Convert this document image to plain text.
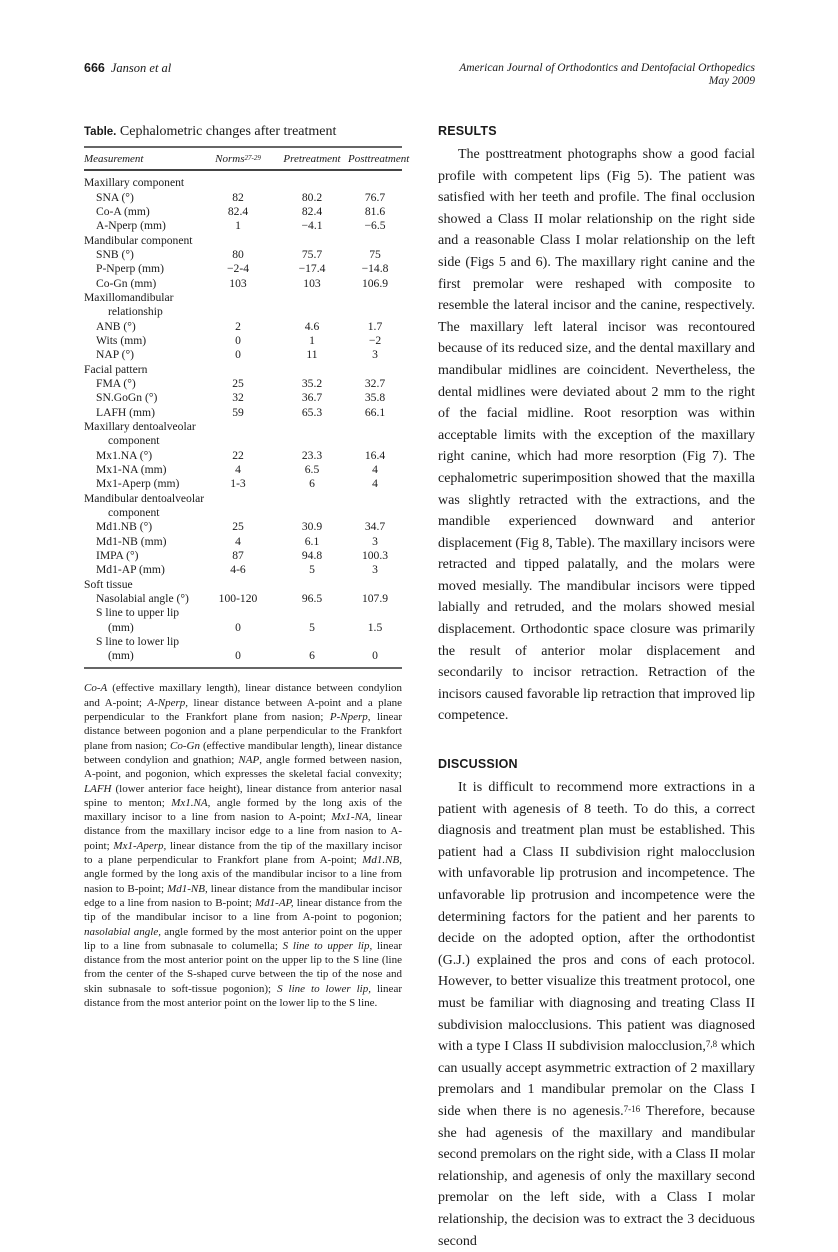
666 Janson et al	American Journal of Orthodontics and Dentofacial Orthopedics
May 2009
Table. Cephalometric changes after treatment
Measurement	Norms$^{27-29}$	Pretreatment	Posttreatment
Maxillary component			
SNA (°)	82	80.2	76.7
Co-A (mm)	82.4	82.4	81.6
A-Nperp (mm)	1	−4.1	−6.5
Mandibular component			
SNB (°)	80	75.7	75
P-Nperp (mm)	−2-4	−17.4	−14.8
Co-Gn (mm)	103	103	106.9
Maxillomandibular			
relationship			
ANB (°)	2	4.6	1.7
Wits (mm)	0	1	−2
NAP (°)	0	11	3
Facial pattern			
FMA (°)	25	35.2	32.7
SN.GoGn (°)	32	36.7	35.8
LAFH (mm)	59	65.3	66.1
Maxillary dentoalveolar			
component			
Mx1.NA (°)	22	23.3	16.4
Mx1-NA (mm)	4	6.5	4
Mx1-Aperp (mm)	1-3	6	4
Mandibular dentoalveolar			
component			
Md1.NB (°)	25	30.9	34.7
Md1-NB (mm)	4	6.1	3
IMPA (°)	87	94.8	100.3
Md1-AP (mm)	4-6	5	3
Soft tissue			
Nasolabial angle (°)	100-120	96.5	107.9
S line to upper lip			
(mm)	0	5	1.5
S line to lower lip			
(mm)	0	6	0
Co-A (effective maxillary length), linear distance between condylion and A-point; A-Nperp, linear distance between A-point and a plane perpendicular to the Frankfort plane from nasion; P-Nperp, linear distance between pogonion and a plane perpendicular to the Frankfort plane from nasion; Co-Gn (effective mandibular length), linear distance between condylion and gnathion; NAP, angle formed between nasion, A-point, and pogonion, which expresses the skeletal facial convexity; LAFH (lower anterior face height), linear distance from anterior nasal spine to menton; Mx1.NA, angle formed by the long axis of the maxillary incisor to a line from nasion to A-point; Mx1-NA, linear distance from the maxillary incisor edge to a line from nasion to A-point; Mx1-Aperp, linear distance from the tip of the maxillary incisor to a plane perpendicular to Frankfort plane from A-point; Md1.NB, angle formed by the long axis of the mandibular incisor to a line from nasion to B-point; Md1-NB, linear distance from the mandibular incisor edge to a line from nasion to B-point; Md1-AP, linear distance from the tip of the mandibular incisor to a line from A-point to pogonion; nasolabial angle, angle formed by the most anterior point on the upper lip to a line from subnasale to columella; S line to upper lip, linear distance from the most anterior point on the upper lip to the S line (line from the center of the S-shaped curve between the tip of the nose and skin subnasale to soft-tissue pogonion); S line to lower lip, linear distance from the most anterior point on the lower lip to the S line.
RESULTS

The posttreatment photographs show a good facial profile with competent lips (Fig 5). The patient was satisfied with her teeth and profile. The final occlusion showed a Class II molar relationship on the right side and a reasonable Class I molar relationship on the left side (Figs 5 and 6). The maxillary right canine and the first premolar were reshaped with composite to resemble the lateral incisor and the canine, respectively. The maxillary left lateral incisor was recontoured because of its reduced size, and the dental maxillary and mandibular midlines are coincident. Nevertheless, the dental midlines were deviated about 2 mm to the right of the facial midline. Root resorption was within acceptable limits with the exception of the maxillary right canine, which had more resorption (Fig 7). The cephalometric superimposition showed that the maxilla was slightly retracted with the extractions, and the mandible experienced downward and anterior displacement (Fig 8, Table). The maxillary incisors were retracted and tipped palatally, and the molars were moved mesially. The mandibular incisors were tipped labially and retruded, and the molars showed mesial displacement. Orthodontic space closure was primarily the result of anterior molar displacement and secondarily to incisor retraction. Retraction of the incisors caused favorable lip retraction that improved lip competence.

DISCUSSION

It is difficult to recommend more extractions in a patient with agenesis of 8 teeth. To do this, a correct diagnosis and treatment plan must be established. This patient had a Class II subdivision right malocclusion with unfavorable lip protrusion and incompetence. The unfavorable lip protrusion and incompetence were the determining factors for the patient and her parents to decide on the adopted option, after the orthodontist (G.J.) explained the pros and cons of each protocol. However, to better visualize this treatment protocol, one must be familiar with diagnosing and treating Class II subdivision malocclusions. This patient was diagnosed with a type I Class II subdivision malocclusion,$^{7,8}$ which can usually accept asymmetric extraction of 2 maxillary premolars and 1 mandibular premolar on the Class I side when there is no agenesis.$^{7-16}$ Therefore, because she had agenesis of the maxillary and mandibular second premolars on the right side, with a Class II molar relationship, and agenesis of only the maxillary second premolar on the left side, with a Class I molar relationship, the decision was to extract the 3 deciduous second
